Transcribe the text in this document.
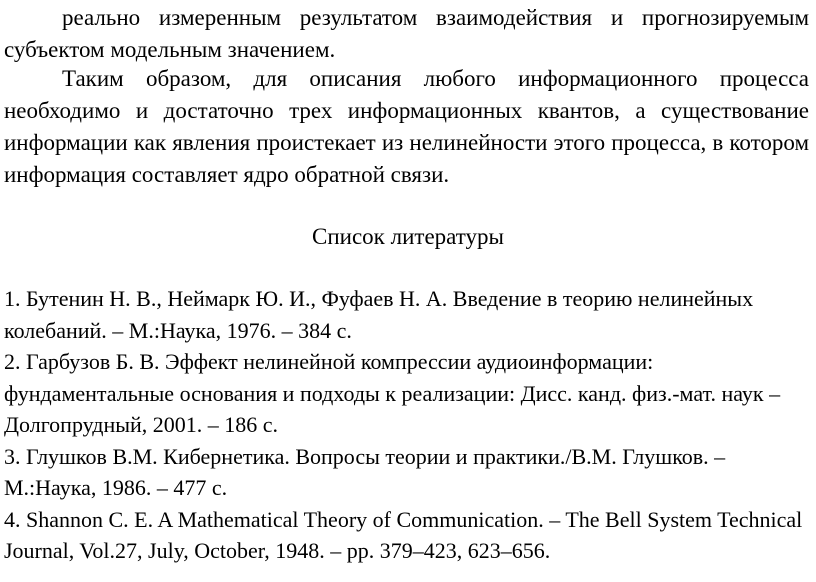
реально измеренным результатом взаимодействия и прогнозируемым субъектом модельным значением.

Таким образом, для описания любого информационного процесса необходимо и достаточно трех информационных квантов, а существование информации как явления проистекает из нелинейности этого процесса, в котором информация составляет ядро обратной связи.

Список литературы

1. Бутенин Н. В., Неймарк Ю. И., Фуфаев Н. А. Введение в теорию нелинейных колебаний. – М.:Наука, 1976. – 384 с.
2. Гарбузов Б. В. Эффект нелинейной компрессии аудиоинформации: фундаментальные основания и подходы к реализации: Дисс. канд. физ.-мат. наук – Долгопрудный, 2001. – 186 с.
3. Глушков В.М. Кибернетика. Вопросы теории и практики./В.М. Глушков. – М.:Наука, 1986. – 477 с.
4. Shannon C. E. A Mathematical Theory of Communication. – The Bell System Technical Journal, Vol.27, July, October, 1948. – pp. 379–423, 623–656.
